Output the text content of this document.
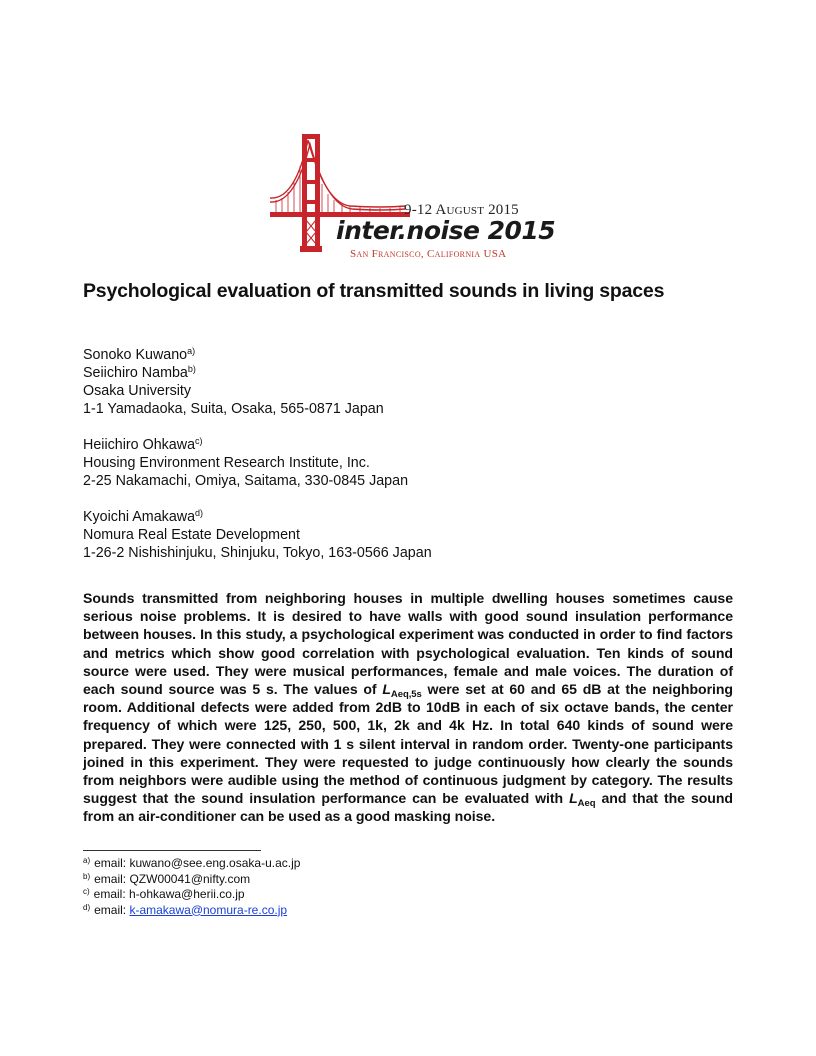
9-12 August 2015
inter.noise 2015
San Francisco, California USA
Psychological evaluation of transmitted sounds in living spaces
Sonoko Kuwano$^{a)}$
Seiichiro Namba$^{b)}$
Osaka University
1-1 Yamadaoka, Suita, Osaka, 565-0871 Japan
Heiichiro Ohkawa$^{c)}$
Housing Environment Research Institute, Inc.
2-25 Nakamachi, Omiya, Saitama, 330-0845 Japan
Kyoichi Amakawa$^{d)}$
Nomura Real Estate Development
1-26-2 Nishishinjuku, Shinjuku, Tokyo, 163-0566 Japan

Sounds transmitted from neighboring houses in multiple dwelling houses sometimes cause serious noise problems. It is desired to have walls with good sound insulation performance between houses. In this study, a psychological experiment was conducted in order to find factors and metrics which show good correlation with psychological evaluation. Ten kinds of sound source were used. They were musical performances, female and male voices. The duration of each sound source was 5 s. The values of $L_{Aeq,5s}$ were set at 60 and 65 dB at the neighboring room. Additional defects were added from 2dB to 10dB in each of six octave bands, the center frequency of which were 125, 250, 500, 1k, 2k and 4k Hz. In total 640 kinds of sound were prepared. They were connected with 1 s silent interval in random order. Twenty-one participants joined in this experiment. They were requested to judge continuously how clearly the sounds from neighbors were audible using the method of continuous judgment by category. The results suggest that the sound insulation performance can be evaluated with $L_{Aeq}$ and that the sound from an air-conditioner can be used as a good masking noise.

$^{a)}$ email: kuwano@see.eng.osaka-u.ac.jp
$^{b)}$ email: QZW00041@nifty.com
$^{c)}$ email: h-ohkawa@herii.co.jp
$^{d)}$ email: k-amakawa@nomura-re.co.jp
